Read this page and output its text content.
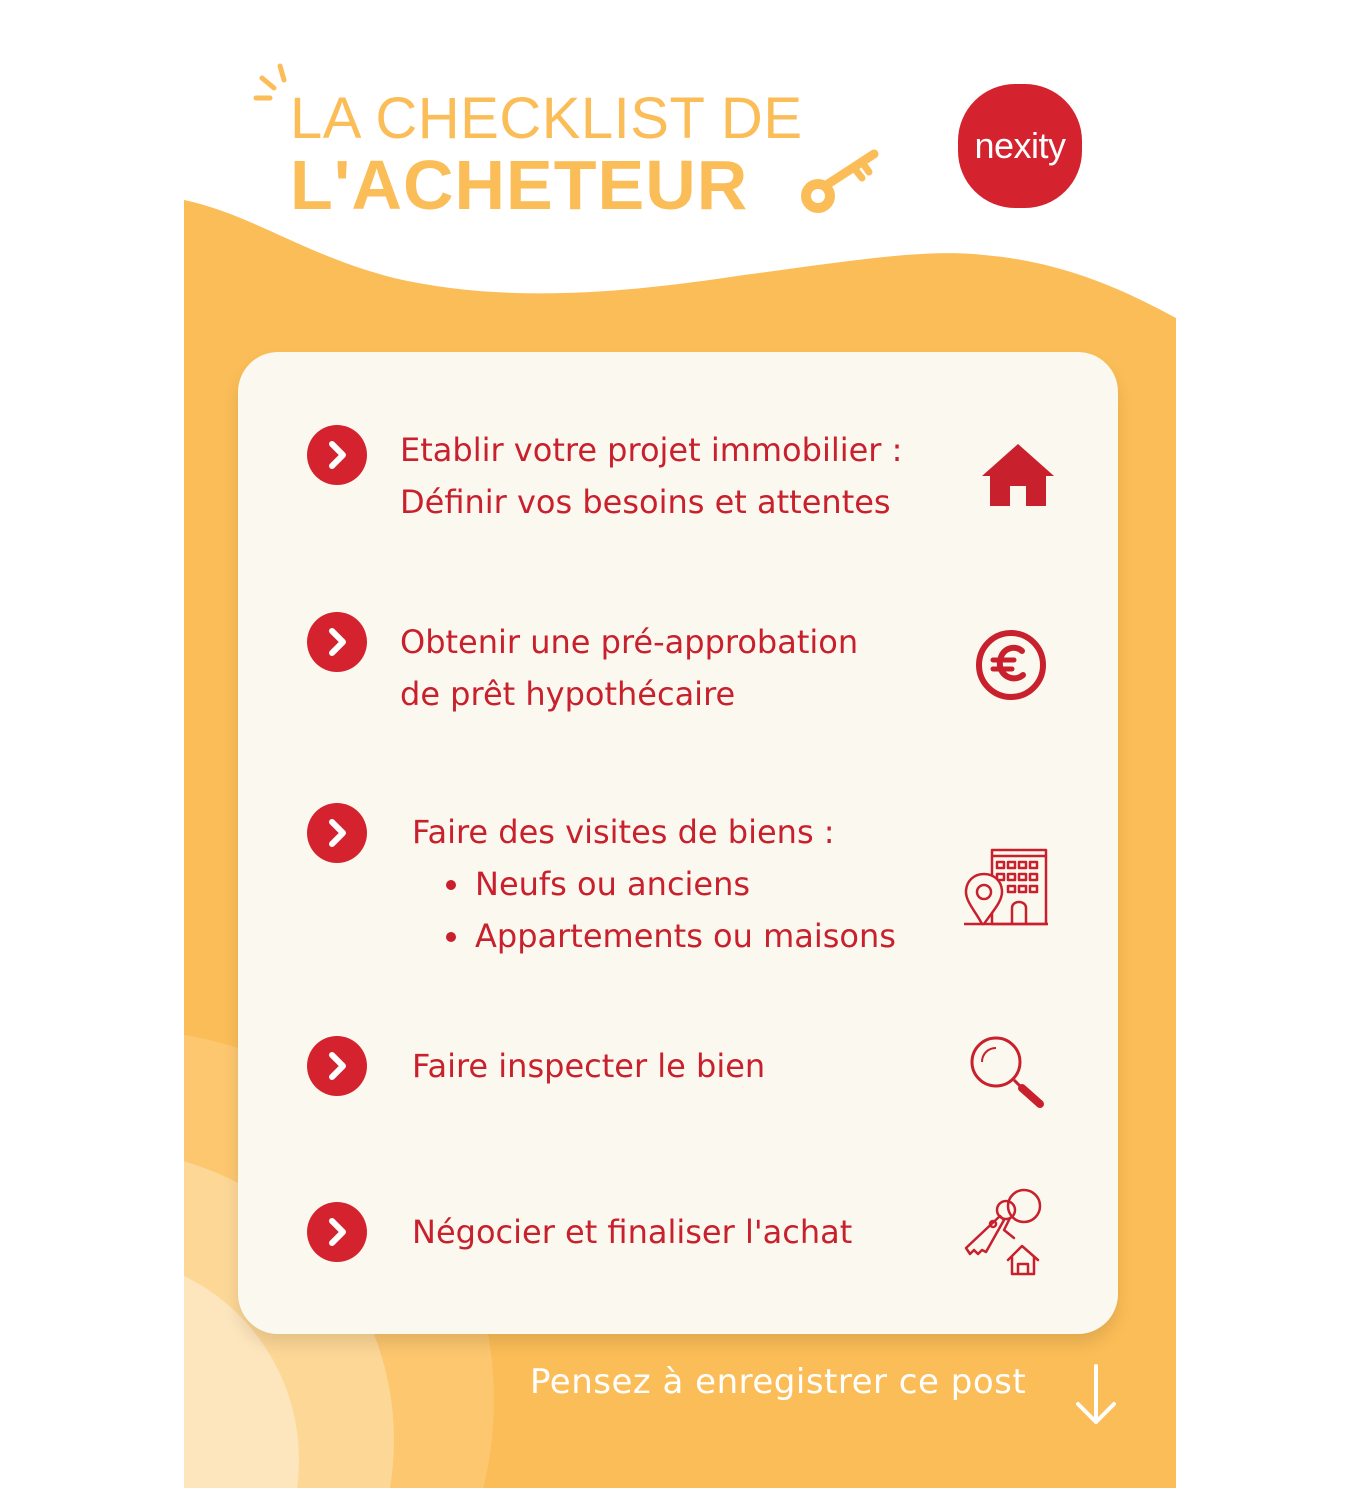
LA CHECKLIST DE
L'ACHETEUR
nexity
Etablir votre projet immobilier :
Définir vos besoins et attentes
Obtenir une pré-approbation
de prêt hypothécaire
Faire des visites de biens :
Neufs ou anciens
Appartements ou maisons
Faire inspecter le bien
Négocier et finaliser l'achat
Pensez à enregistrer ce post
